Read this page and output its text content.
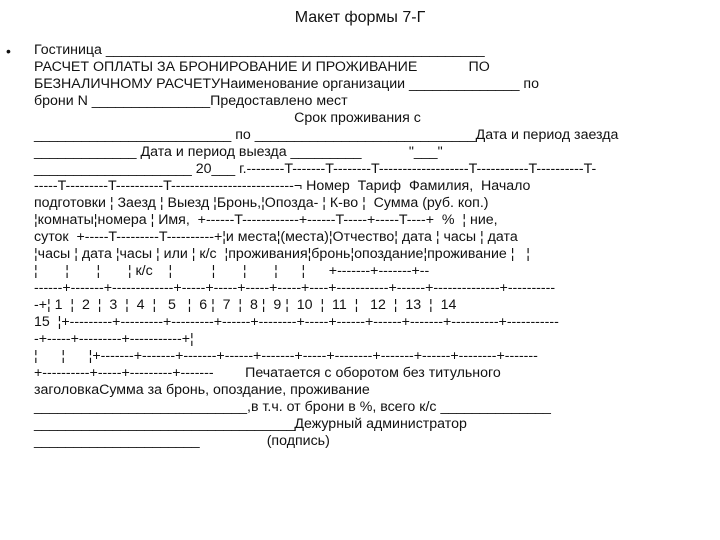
Макет формы 7-Г
• Гостиница ________________________________________________
РАСЧЕТ ОПЛАТЫ ЗА БРОНИРОВАНИЕ И ПРОЖИВАНИЕ             ПО
БЕЗНАЛИЧНОМУ РАСЧЕТУНаименование организации ______________ по
брони N _______________Предоставлено мест
Срок проживания с
_________________________ по ____________________________Дата и период заезда
_____________ Дата и период выезда _________            "___"
____________________ 20___ г.--------T-------T--------T-------------------T-----------T----------T-
-----T---------T----------T--------------------------¬ Номер  Тариф  Фамилия,  Начало
подготовки ¦ Заезд ¦ Выезд ¦Бронь,¦Опозда- ¦ К-во ¦  Сумма (руб. коп.)
¦комнаты¦номера ¦ Имя,  +------T------------+------T-----+-----T----+  %  ¦ ние,
суток  +-----T---------T----------+¦и места¦(места)¦Отчество¦ дата ¦ часы ¦ дата
¦часы ¦ дата ¦часы ¦ или ¦ к/с  ¦проживания¦бронь¦опоздание¦проживание ¦   ¦
¦       ¦       ¦       ¦ к/с    ¦          ¦       ¦       ¦      ¦      +-------+-------+--
------+-------+-------------+-----+-----+-----+-----+----+-----------+------+--------------+----------
-+¦ 1  ¦  2  ¦  3  ¦  4  ¦   5   ¦  6 ¦  7  ¦  8 ¦  9 ¦  10  ¦  11  ¦   12  ¦  13  ¦  14
15  ¦+---------+---------+---------+------+--------+-----+------+------+-------+----------+-----------
-+-----+---------+-----------+¦
¦      ¦      ¦+-------+-------+-------+------+-------+-----+--------+-------+------+--------+-------
+----------+-----+---------+-------        Печатается с оборотом без титульного
заголовкаСумма за бронь, опоздание, проживание
___________________________,в т.ч. от брони в %, всего к/с ______________
_________________________________Дежурный администратор
_____________________                 (подпись)
